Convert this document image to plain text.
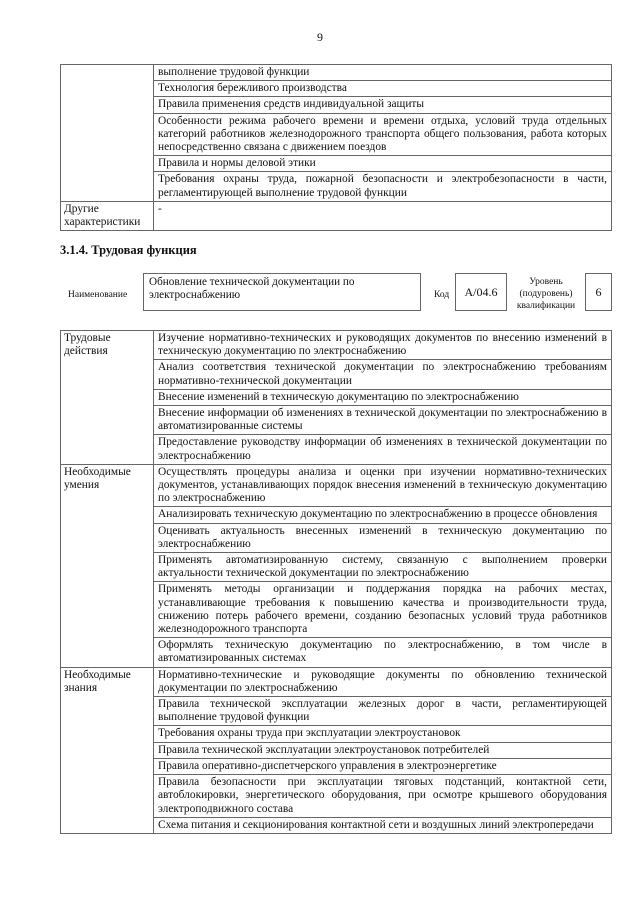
9

	выполнение трудовой функции

	Технология бережливого производства

	Правила применения средств индивидуальной защиты

	Особенности режима рабочего времени и времени отдыха, условий труда отдельных категорий работников железнодорожного транспорта общего пользования, работа которых непосредственно связана с движением поездов

	Правила и нормы деловой этики

	Требования охраны труда, пожарной безопасности и электробезопасности в части, регламентирующей выполнение трудовой функции

Другие характеристики	-
3.1.4. Трудовая функция
Наименование
Обновление технической документации по электроснабжению	Код	А/04.6
Уровень (подуровень) квалификации
6
Трудовые действия	Изучение нормативно-технических и руководящих документов по внесению изменений в техническую документацию по электроснабжению

	Анализ соответствия технической документации по электроснабжению требованиям нормативно-технической документации

	Внесение изменений в техническую документацию по электроснабжению

	Внесение информации об изменениях в технической документации по электроснабжению в автоматизированные системы

	Предоставление руководству информации об изменениях в технической документации по электроснабжению

Необходимые умения	Осуществлять процедуры анализа и оценки при изучении нормативно-технических документов, устанавливающих порядок внесения изменений в техническую документацию по электроснабжению

	Анализировать техническую документацию по электроснабжению в процессе обновления

	Оценивать актуальность внесенных изменений в техническую документацию по электроснабжению

	Применять автоматизированную систему, связанную с выполнением проверки актуальности технической документации по электроснабжению

	Применять методы организации и поддержания порядка на рабочих местах, устанавливающие требования к повышению качества и производительности труда, снижению потерь рабочего времени, созданию безопасных условий труда работников железнодорожного транспорта

	Оформлять техническую документацию по электроснабжению, в том числе в автоматизированных системах

Необходимые знания	Нормативно-технические и руководящие документы по обновлению технической документации по электроснабжению

	Правила технической эксплуатации железных дорог в части, регламентирующей выполнение трудовой функции

	Требования охраны труда при эксплуатации электроустановок

	Правила технической эксплуатации электроустановок потребителей

	Правила оперативно-диспетчерского управления в электроэнергетике

	Правила безопасности при эксплуатации тяговых подстанций, контактной сети, автоблокировки, энергетического оборудования, при осмотре крышевого оборудования электроподвижного состава

	Схема питания и секционирования контактной сети и воздушных линий электропередачи
